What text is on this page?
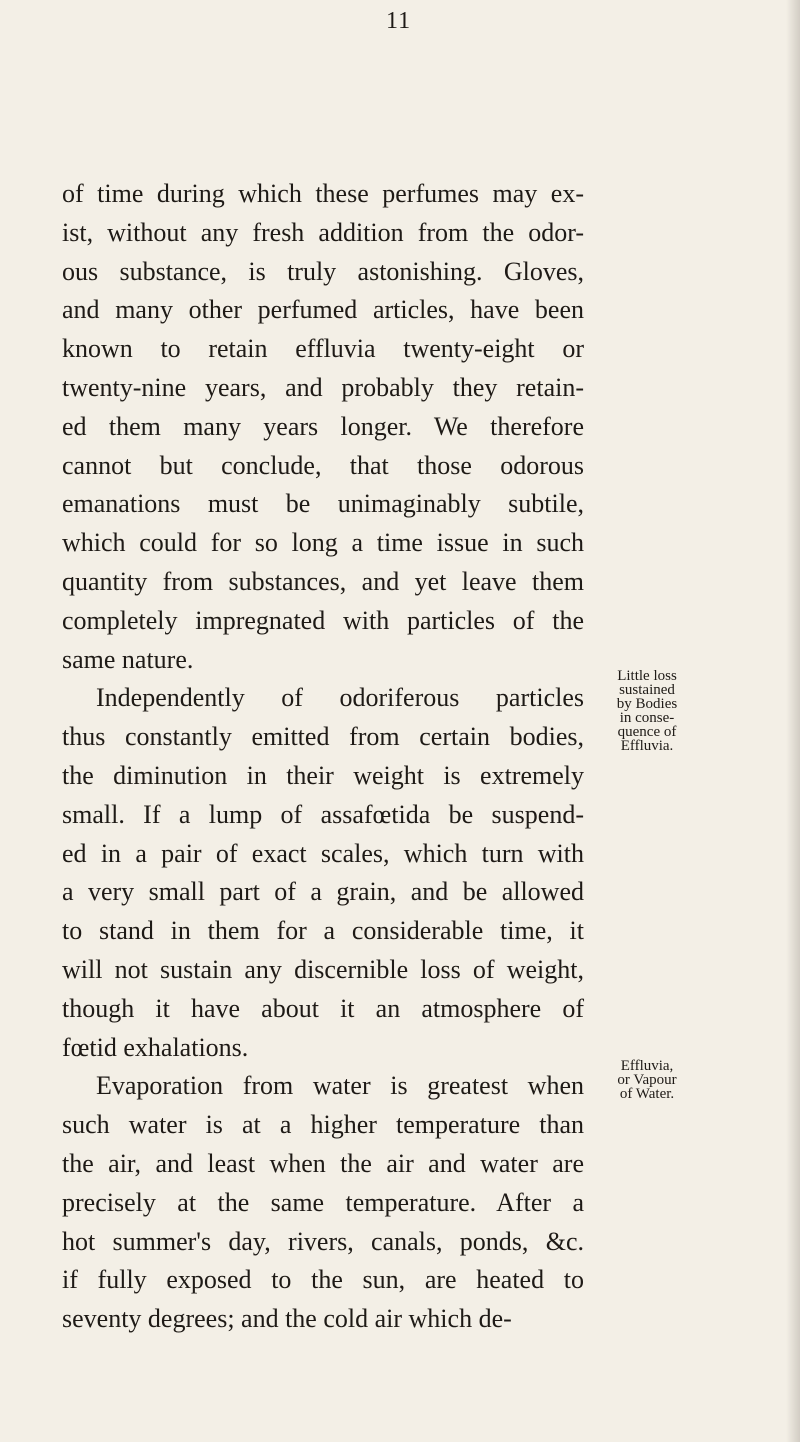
11
of time during which these perfumes may ex-
ist, without any fresh addition from the odor-
ous substance, is truly astonishing. Gloves,
and many other perfumed articles, have been
known to retain effluvia twenty-eight or
twenty-nine years, and probably they retain-
ed them many years longer. We therefore
cannot but conclude, that those odorous
emanations must be unimaginably subtile,
which could for so long a time issue in such
quantity from substances, and yet leave them
completely impregnated with particles of the
same nature.
Independently of odoriferous particles
thus constantly emitted from certain bodies,
the diminution in their weight is extremely
small. If a lump of assafœtida be suspend-
ed in a pair of exact scales, which turn with
a very small part of a grain, and be allowed
to stand in them for a considerable time, it
will not sustain any discernible loss of weight,
though it have about it an atmosphere of
fœtid exhalations.
Evaporation from water is greatest when
such water is at a higher temperature than
the air, and least when the air and water are
precisely at the same temperature. After a
hot summer's day, rivers, canals, ponds, &c.
if fully exposed to the sun, are heated to
seventy degrees; and the cold air which de-
Little loss
sustained
by Bodies
in conse-
quence of
Effluvia.
Effluvia,
or Vapour
of Water.
